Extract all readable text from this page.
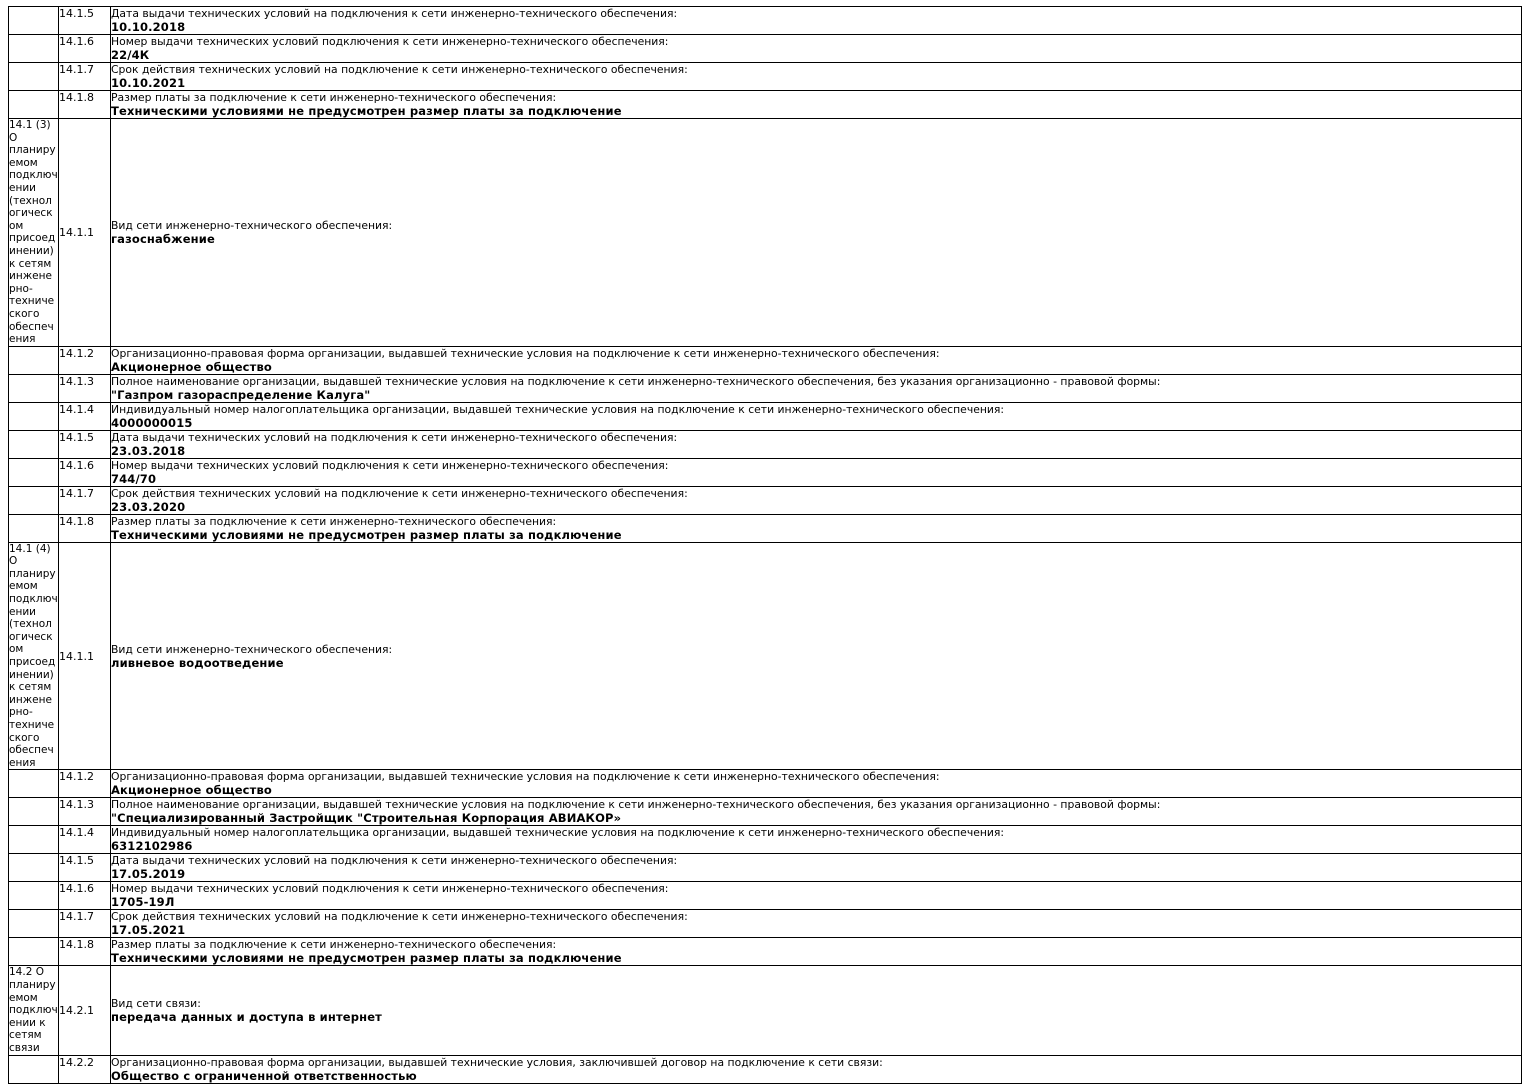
	14.1.5	Дата выдачи технических условий на подключения к сети инженерно-технического обеспечения:
10.10.2018

	14.1.6	Номер выдачи технических условий подключения к сети инженерно-технического обеспечения:
22/4К

	14.1.7	Срок действия технических условий на подключение к сети инженерно-технического обеспечения:
10.10.2021

	14.1.8	Размер платы за подключение к сети инженерно-технического обеспечения:
Техническими условиями не предусмотрен размер платы за подключение

14.1 (3) О планируемом подключении (технологическом присоединении) к сетям инженерно-технического обеспечения	14.1.1	Вид сети инженерно-технического обеспечения:
газоснабжение

	14.1.2	Организационно-правовая форма организации, выдавшей технические условия на подключение к сети инженерно-технического обеспечения:
Акционерное общество

	14.1.3	Полное наименование организации, выдавшей технические условия на подключение к сети инженерно-технического обеспечения, без указания организационно - правовой формы:
"Газпром газораспределение Калуга"

	14.1.4	Индивидуальный номер налогоплательщика организации, выдавшей технические условия на подключение к сети инженерно-технического обеспечения:
4000000015

	14.1.5	Дата выдачи технических условий на подключения к сети инженерно-технического обеспечения:
23.03.2018

	14.1.6	Номер выдачи технических условий подключения к сети инженерно-технического обеспечения:
744/70

	14.1.7	Срок действия технических условий на подключение к сети инженерно-технического обеспечения:
23.03.2020

	14.1.8	Размер платы за подключение к сети инженерно-технического обеспечения:
Техническими условиями не предусмотрен размер платы за подключение

14.1 (4) О планируемом подключении (технологическом присоединении) к сетям инженерно-технического обеспечения	14.1.1	Вид сети инженерно-технического обеспечения:
ливневое водоотведение

	14.1.2	Организационно-правовая форма организации, выдавшей технические условия на подключение к сети инженерно-технического обеспечения:
Акционерное общество

	14.1.3	Полное наименование организации, выдавшей технические условия на подключение к сети инженерно-технического обеспечения, без указания организационно - правовой формы:
"Специализированный Застройщик "Строительная Корпорация АВИАКОР»

	14.1.4	Индивидуальный номер налогоплательщика организации, выдавшей технические условия на подключение к сети инженерно-технического обеспечения:
6312102986

	14.1.5	Дата выдачи технических условий на подключения к сети инженерно-технического обеспечения:
17.05.2019

	14.1.6	Номер выдачи технических условий подключения к сети инженерно-технического обеспечения:
1705-19Л

	14.1.7	Срок действия технических условий на подключение к сети инженерно-технического обеспечения:
17.05.2021

	14.1.8	Размер платы за подключение к сети инженерно-технического обеспечения:
Техническими условиями не предусмотрен размер платы за подключение

14.2 О планируемом подключении к сетям связи	14.2.1	Вид сети связи:
передача данных и доступа в интернет

	14.2.2	Организационно-правовая форма организации, выдавшей технические условия, заключившей договор на подключение к сети связи:
Общество с ограниченной ответственностью
